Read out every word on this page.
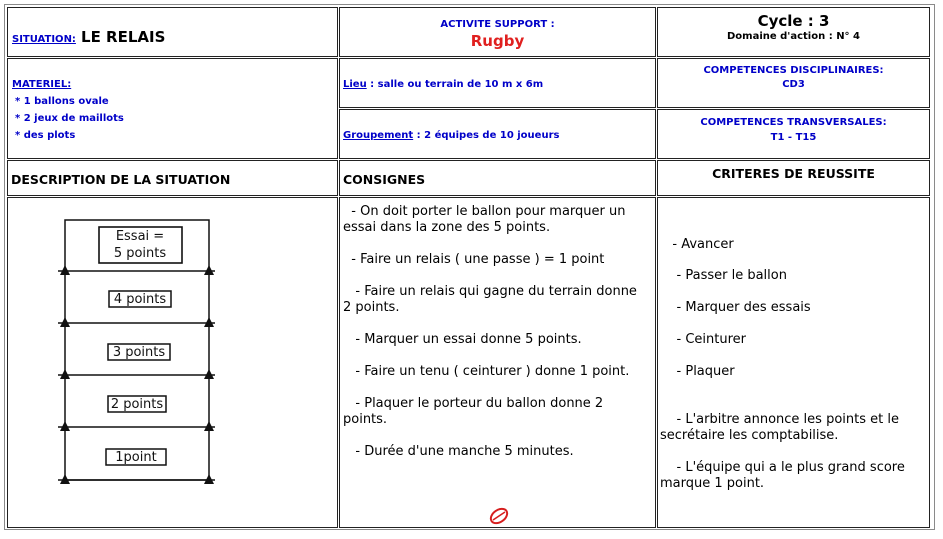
SITUATION: LE RELAIS
ACTIVITE SUPPORT :
Rugby
Cycle : 3
Domaine d'action : N° 4
MATERIEL:
* 1 ballons ovale
* 2 jeux de maillots
* des plots
Lieu : salle ou terrain de 10 m x 6m
COMPETENCES DISCIPLINAIRES:
CD3
Groupement : 2 équipes de 10 joueurs
COMPETENCES TRANSVERSALES:
T1 - T15
DESCRIPTION DE LA SITUATION	CONSIGNES	CRITERES DE REUSSITE
Essai =
5 points
4 points
3 points
2 points
1point
- On doit porter le ballon pour marquer un essai dans la zone des 5 points.
- Faire un relais ( une passe ) = 1 point
- Faire un relais qui gagne du terrain donne 2 points.
- Marquer un essai donne 5 points.
- Faire un tenu ( ceinturer ) donne 1 point.
- Plaquer le porteur du ballon donne 2 points.
- Durée d'une manche 5 minutes.
- Avancer
- Passer le ballon
- Marquer des essais
- Ceinturer
- Plaquer
- L'arbitre annonce les points et le secrétaire les comptabilise.
- L'équipe qui a le plus grand score marque 1 point.
